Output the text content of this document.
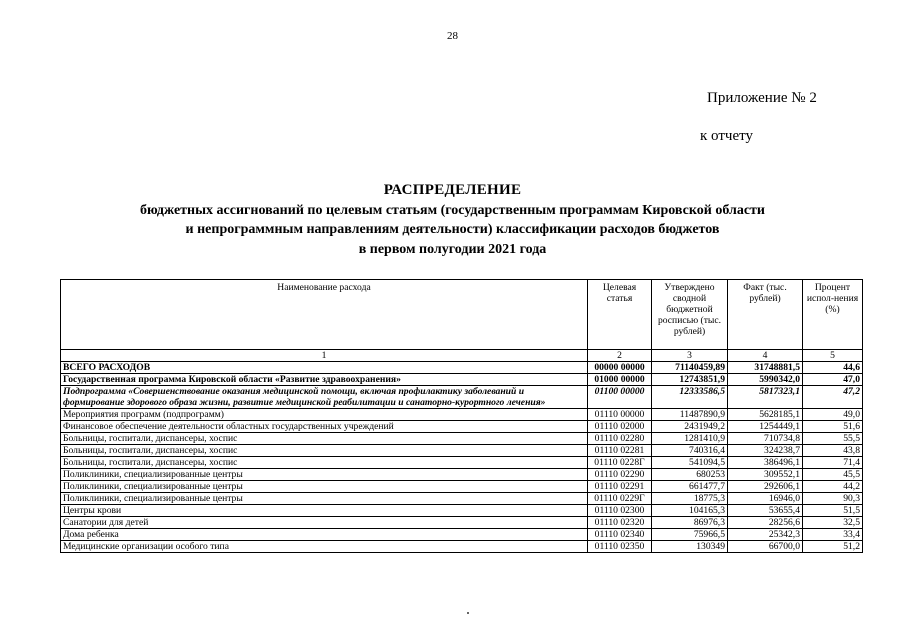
28
Приложение № 2
к отчету
РАСПРЕДЕЛЕНИЕ
бюджетных ассигнований по целевым статьям (государственным программам Кировской области
и непрограммным направлениям деятельности) классификации расходов бюджетов
в первом полугодии 2021 года
Наименование расхода	Целевая статья	Утверждено сводной бюджетной росписью (тыс. рублей)	Факт (тыс. рублей)	Процент испол-нения (%)
1	2	3	4	5
ВСЕГО РАСХОДОВ	00000 00000	71140459,89	31748881,5	44,6
Государственная программа Кировской области «Развитие здравоохранения»	01000 00000	12743851,9	5990342,0	47,0
Подпрограмма «Совершенствование оказания медицинской помощи, включая профилактику заболеваний и формирование здорового образа жизни, развитие медицинской реабилитации и санаторно-курортного лечения»	01100 00000	12333586,5	5817323,1	47,2
Мероприятия программ (подпрограмм)	01110 00000	11487890,9	5628185,1	49,0
Финансовое обеспечение деятельности областных государственных учреждений	01110 02000	2431949,2	1254449,1	51,6
Больницы, госпитали, диспансеры, хоспис	01110 02280	1281410,9	710734,8	55,5
Больницы, госпитали, диспансеры, хоспис	01110 02281	740316,4	324238,7	43,8
Больницы, госпитали, диспансеры, хоспис	01110 0228Г	541094,5	386496,1	71,4
Поликлиники, специализированные центры	01110 02290	680253	309552,1	45,5
Поликлиники, специализированные центры	01110 02291	661477,7	292606,1	44,2
Поликлиники, специализированные центры	01110 0229Г	18775,3	16946,0	90,3
Центры крови	01110 02300	104165,3	53655,4	51,5
Санатории для детей	01110 02320	86976,3	28256,6	32,5
Дома ребенка	01110 02340	75966,5	25342,3	33,4
Медицинские организации особого типа	01110 02350	130349	66700,0	51,2
